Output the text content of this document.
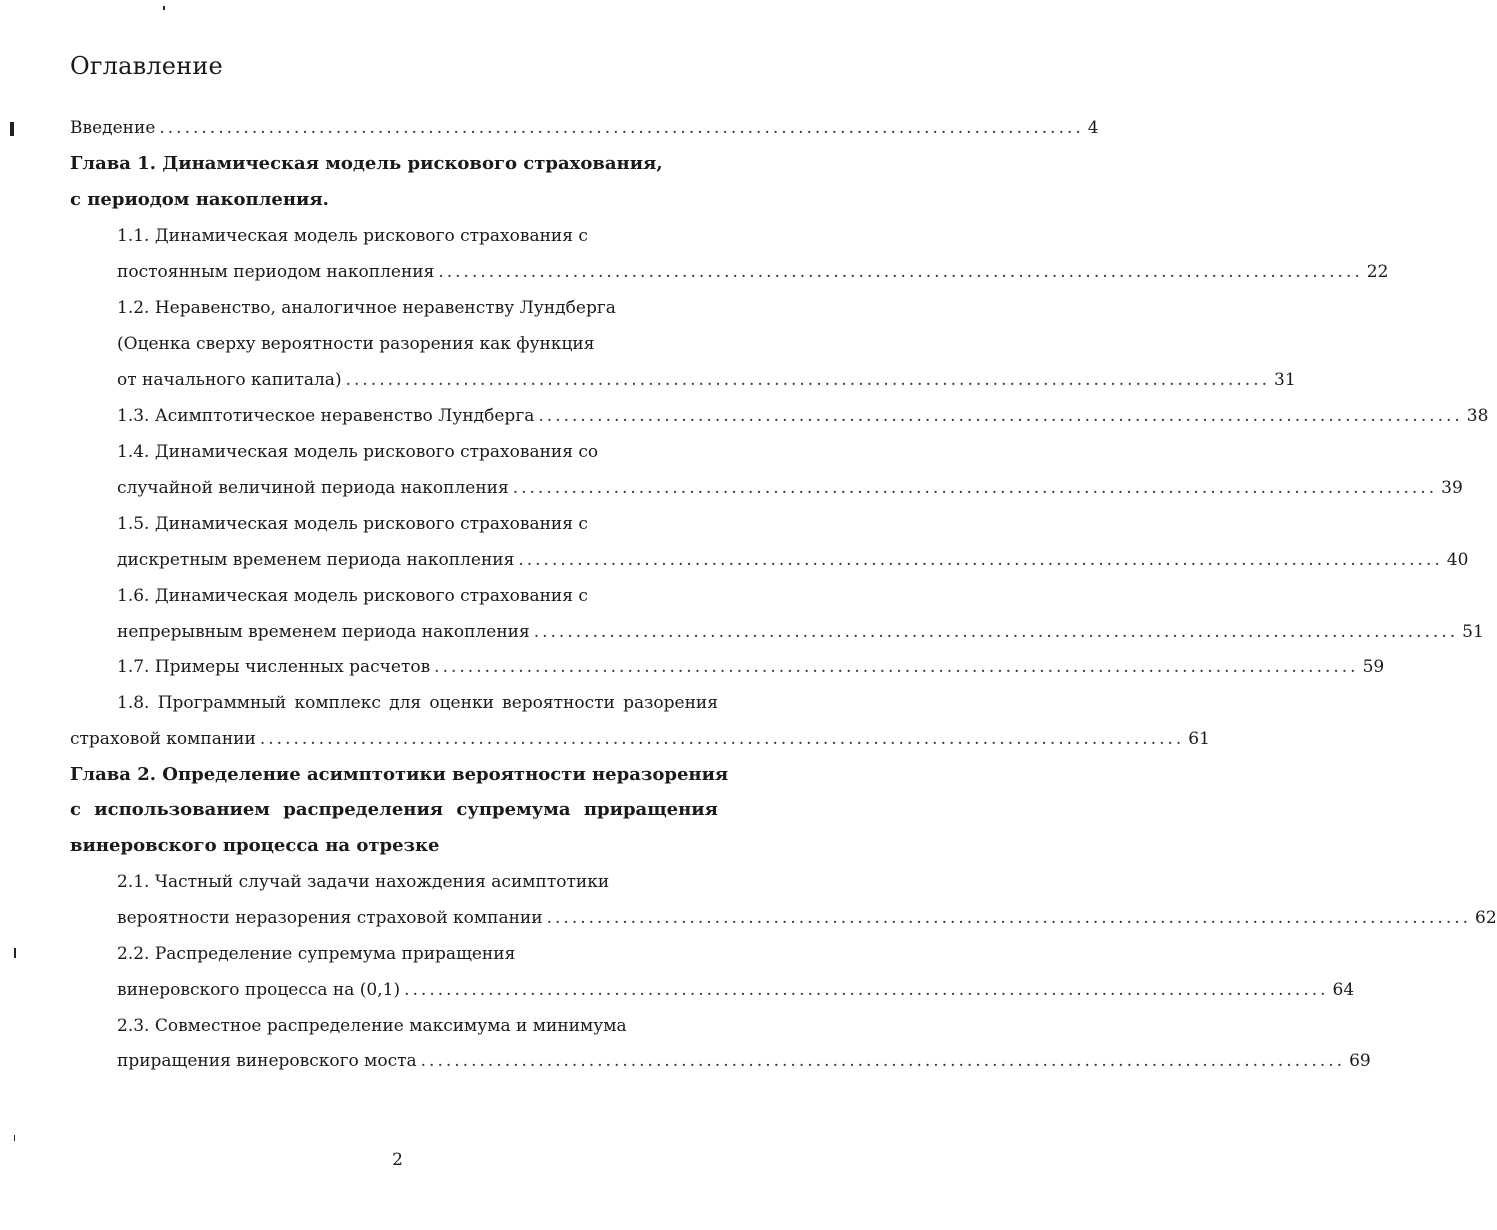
Оглавление
Введение .............................................................................................................. 4
Глава 1. Динамическая модель рискового страхования,
с периодом накопления.
1.1. Динамическая модель рискового страхования с
постоянным периодом накопления .............................................................................................................. 22
1.2. Неравенство, аналогичное неравенству Лундберга
(Оценка сверху вероятности разорения как функция
от начального капитала) .............................................................................................................. 31
1.3. Асимптотическое неравенство Лундберга .............................................................................................................. 38
1.4. Динамическая модель рискового страхования со
случайной величиной периода накопления .............................................................................................................. 39
1.5. Динамическая модель рискового страхования с
дискретным временем периода накопления .............................................................................................................. 40
1.6. Динамическая модель рискового страхования с
непрерывным временем периода накопления .............................................................................................................. 51
1.7. Примеры численных расчетов .............................................................................................................. 59
1.8. Программный комплекс для оценки вероятности разорения
страховой компании .............................................................................................................. 61
Глава 2. Определение асимптотики вероятности неразорения
с использованием распределения супремума приращения
винеровского процесса на отрезке
2.1. Частный случай задачи нахождения асимптотики
вероятности неразорения страховой компании .............................................................................................................. 62
2.2. Распределение супремума приращения
винеровского процесса на (0,1) .............................................................................................................. 64
2.3. Совместное распределение максимума и минимума
приращения винеровского моста .............................................................................................................. 69
2
